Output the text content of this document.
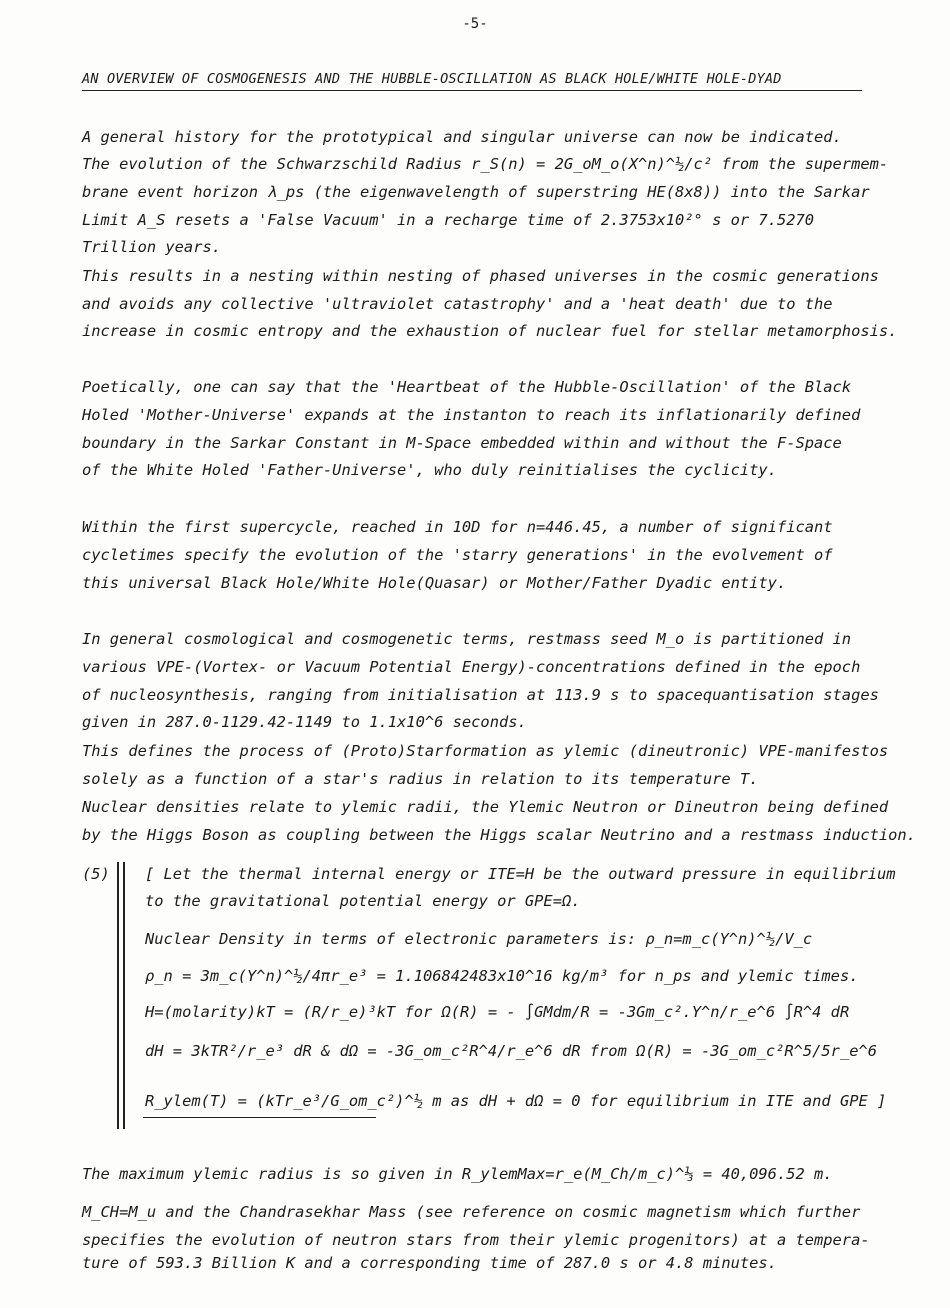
-5-
AN OVERVIEW OF COSMOGENESIS AND THE HUBBLE-OSCILLATION AS BLACK HOLE/WHITE HOLE-DYAD
A general history for the prototypical and singular universe can now be indicated.
The evolution of the Schwarzschild Radius r_S(n) = 2G_oM_o(X^n)^½/c² from the supermem-
brane event horizon λ_ps (the eigenwavelength of superstring HE(8x8)) into the Sarkar
Limit A_S resets a 'False Vacuum' in a recharge time of 2.3753x10²° s or 7.5270
Trillion years.
This results in a nesting within nesting of phased universes in the cosmic generations
and avoids any collective 'ultraviolet catastrophy' and a 'heat death' due to the
increase in cosmic entropy and the exhaustion of nuclear fuel for stellar metamorphosis.
Poetically, one can say that the 'Heartbeat of the Hubble-Oscillation' of the Black
Holed 'Mother-Universe' expands at the instanton to reach its inflationarily defined
boundary in the Sarkar Constant in M-Space embedded within and without the F-Space
of the White Holed 'Father-Universe', who duly reinitialises the cyclicity.
Within the first supercycle, reached in 10D for n=446.45, a number of significant
cycletimes specify the evolution of the 'starry generations' in the evolvement of
this universal Black Hole/White Hole(Quasar) or Mother/Father Dyadic entity.
In general cosmological and cosmogenetic terms, restmass seed M_o is partitioned in
various VPE-(Vortex- or Vacuum Potential Energy)-concentrations defined in the epoch
of nucleosynthesis, ranging from initialisation at 113.9 s to spacequantisation stages
given in 287.0-1129.42-1149 to 1.1x10^6 seconds.
This defines the process of (Proto)Starformation as ylemic (dineutronic) VPE-manifestos
solely as a function of a star's radius in relation to its temperature T.
Nuclear densities relate to ylemic radii, the Ylemic Neutron or Dineutron being defined
by the Higgs Boson as coupling between the Higgs scalar Neutrino and a restmass induction.
(5) [ Let the thermal internal energy or ITE=H be the outward pressure in equilibrium
to the gravitational potential energy or GPE=Ω.
Nuclear Density in terms of electronic parameters is: ρ_n=m_c(Y^n)^½/V_c
ρ_n = 3m_c(Y^n)^½/4πr_e³ = 1.106842483x10^16 kg/m³ for n_ps and ylemic times.
H=(molarity)kT = (R/r_e)³kT for Ω(R) = - ∫GMdm/R = -3Gm_c².Y^n/r_e^6 ∫R^4 dR
dH = 3kTR²/r_e³ dR & dΩ = -3G_om_c²R^4/r_e^6 dR from Ω(R) = -3G_om_c²R^5/5r_e^6
R_ylem(T) = (kTr_e³/G_om_c²)^½ m as dH + dΩ = 0 for equilibrium in ITE and GPE ]
The maximum ylemic radius is so given in R_ylemMax=r_e(M_Ch/m_c)^⅓ = 40,096.52 m.
M_CH=M_u and the Chandrasekhar Mass (see reference on cosmic magnetism which further
specifies the evolution of neutron stars from their ylemic progenitors) at a tempera-
ture of 593.3 Billion K and a corresponding time of 287.0 s or 4.8 minutes.
